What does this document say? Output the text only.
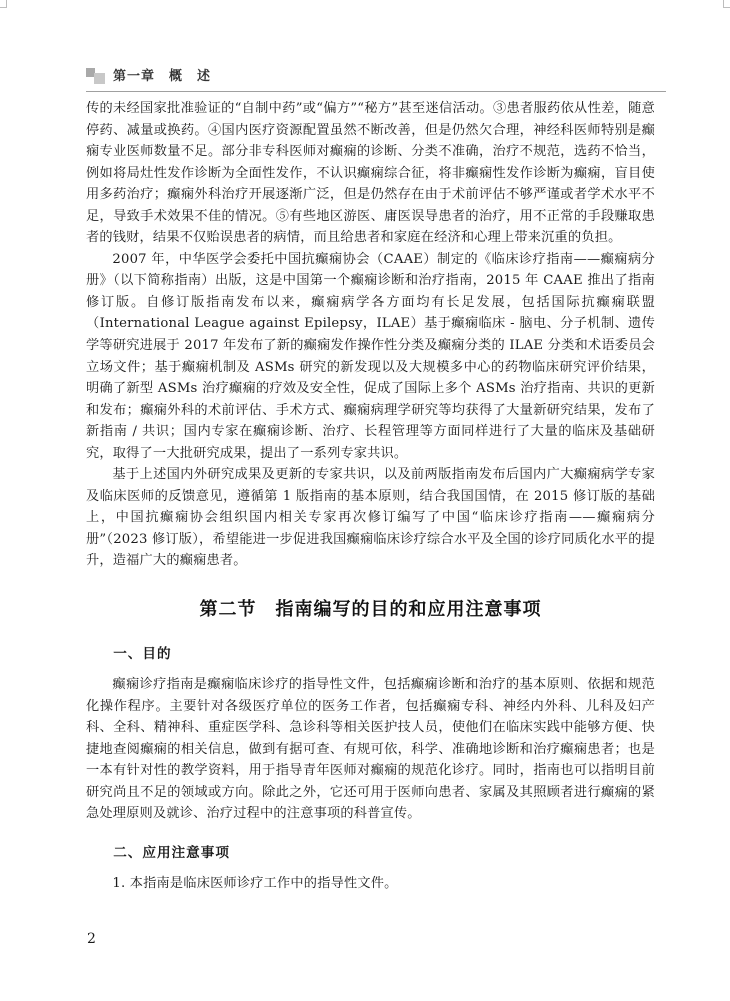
第一章　概　述

传的未经国家批准验证的“自制中药”或“偏方”“秘方”甚至迷信活动。③患者服药依从性差，随意停药、减量或换药。④国内医疗资源配置虽然不断改善，但是仍然欠合理，神经科医师特别是癫痫专业医师数量不足。部分非专科医师对癫痫的诊断、分类不准确，治疗不规范，选药不恰当，例如将局灶性发作诊断为全面性发作，不认识癫痫综合征，将非癫痫性发作诊断为癫痫，盲目使用多药治疗；癫痫外科治疗开展逐渐广泛，但是仍然存在由于术前评估不够严谨或者学术水平不足，导致手术效果不佳的情况。⑤有些地区游医、庸医误导患者的治疗，用不正常的手段赚取患者的钱财，结果不仅贻误患者的病情，而且给患者和家庭在经济和心理上带来沉重的负担。

2007 年，中华医学会委托中国抗癫痫协会（CAAE）制定的《临床诊疗指南——癫痫病分册》（以下简称指南）出版，这是中国第一个癫痫诊断和治疗指南，2015 年 CAAE 推出了指南修订版。自修订版指南发布以来，癫痫病学各方面均有长足发展，包括国际抗癫痫联盟（International League against Epilepsy，ILAE）基于癫痫临床 - 脑电、分子机制、遗传学等研究进展于 2017 年发布了新的癫痫发作操作性分类及癫痫分类的 ILAE 分类和术语委员会立场文件；基于癫痫机制及 ASMs 研究的新发现以及大规模多中心的药物临床研究评价结果，明确了新型 ASMs 治疗癫痫的疗效及安全性，促成了国际上多个 ASMs 治疗指南、共识的更新和发布；癫痫外科的术前评估、手术方式、癫痫病理学研究等均获得了大量新研究结果，发布了新指南 / 共识；国内专家在癫痫诊断、治疗、长程管理等方面同样进行了大量的临床及基础研究，取得了一大批研究成果，提出了一系列专家共识。

基于上述国内外研究成果及更新的专家共识，以及前两版指南发布后国内广大癫痫病学专家及临床医师的反馈意见，遵循第 1 版指南的基本原则，结合我国国情，在 2015 修订版的基础上，中国抗癫痫协会组织国内相关专家再次修订编写了中国“临床诊疗指南——癫痫病分册”（2023 修订版），希望能进一步促进我国癫痫临床诊疗综合水平及全国的诊疗同质化水平的提升，造福广大的癫痫患者。

第二节　指南编写的目的和应用注意事项
一、目的

癫痫诊疗指南是癫痫临床诊疗的指导性文件，包括癫痫诊断和治疗的基本原则、依据和规范化操作程序。主要针对各级医疗单位的医务工作者，包括癫痫专科、神经内外科、儿科及妇产科、全科、精神科、重症医学科、急诊科等相关医护技人员，使他们在临床实践中能够方便、快捷地查阅癫痫的相关信息，做到有据可查、有规可依，科学、准确地诊断和治疗癫痫患者；也是一本有针对性的教学资料，用于指导青年医师对癫痫的规范化诊疗。同时，指南也可以指明目前研究尚且不足的领域或方向。除此之外，它还可用于医师向患者、家属及其照顾者进行癫痫的紧急处理原则及就诊、治疗过程中的注意事项的科普宣传。

二、应用注意事项

1. 本指南是临床医师诊疗工作中的指导性文件。

2
